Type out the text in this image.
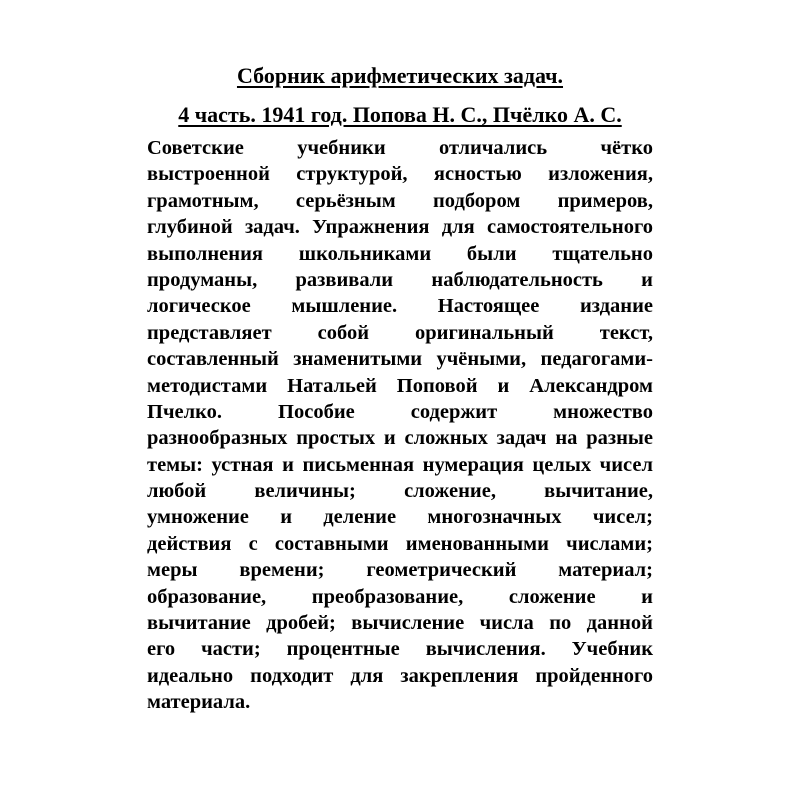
Сборник арифметических задач.
4 часть. 1941 год. Попова Н. С., Пчёлко А. С.
Советские учебники отличались чётко
выстроенной структурой, ясностью изложения,
грамотным, серьёзным подбором примеров,
глубиной задач. Упражнения для самостоятельного
выполнения школьниками были тщательно
продуманы, развивали наблюдательность и
логическое мышление. Настоящее издание
представляет собой оригинальный текст,
составленный знаменитыми учёными, педагогами-
методистами Натальей Поповой и Александром
Пчелко. Пособие содержит множество
разнообразных простых и сложных задач на разные
темы: устная и письменная нумерация целых чисел
любой величины; сложение, вычитание,
умножение и деление многозначных чисел;
действия с составными именованными числами;
меры времени; геометрический материал;
образование, преобразование, сложение и
вычитание дробей; вычисление числа по данной
его части; процентные вычисления. Учебник
идеально подходит для закрепления пройденного
материала.
